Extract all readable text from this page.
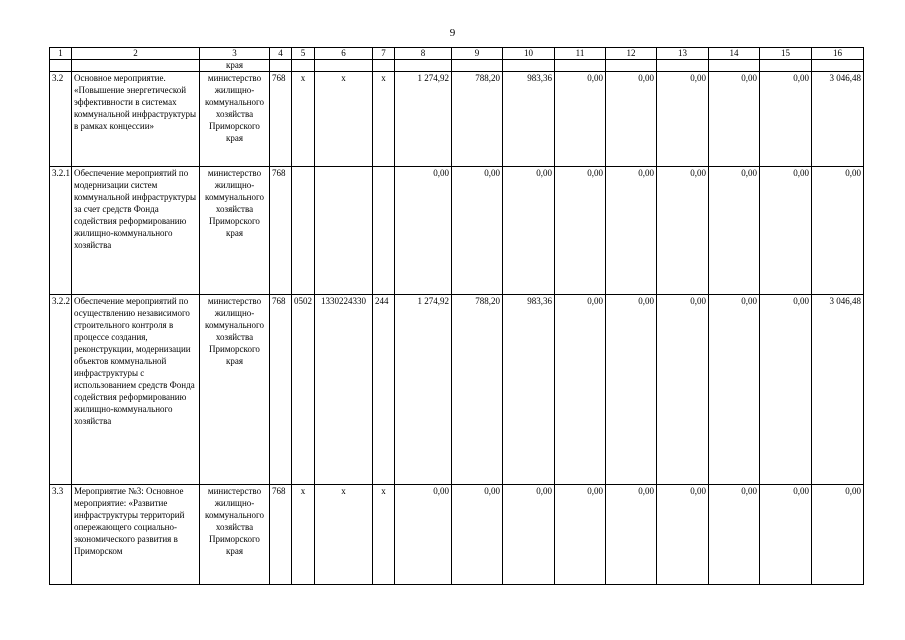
9
1	2	3	4	5	6	7	8	9	10	11	12	13	14	15	16
		края													
3.2	Основное мероприятие. «Повышение энергетической эффективности в системах коммунальной инфраструктуры в рамках концессии»	министерство жилищно-коммунального хозяйства Приморского края	768	x	x	x	1 274,92	788,20	983,36	0,00	0,00	0,00	0,00	0,00	3 046,48
3.2.1	Обеспечение мероприятий по модернизации систем коммунальной инфраструктуры за счет средств Фонда содействия реформированию жилищно-коммунального хозяйства	министерство жилищно-коммунального хозяйства Приморского края	768				0,00	0,00	0,00	0,00	0,00	0,00	0,00	0,00	0,00
3.2.2	Обеспечение мероприятий по осуществлению независимого строительного контроля в процессе создания, реконструкции, модернизации объектов коммунальной инфраструктуры с использованием средств Фонда содействия реформированию жилищно-коммунального хозяйства	министерство жилищно-коммунального хозяйства Приморского края	768	0502	1330224330	244	1 274,92	788,20	983,36	0,00	0,00	0,00	0,00	0,00	3 046,48
3.3	Мероприятие №3: Основное мероприятие: «Развитие инфраструктуры территорий опережающего социально-экономического развития в Приморском	министерство жилищно-коммунального хозяйства Приморского края	768	x	x	x	0,00	0,00	0,00	0,00	0,00	0,00	0,00	0,00	0,00
